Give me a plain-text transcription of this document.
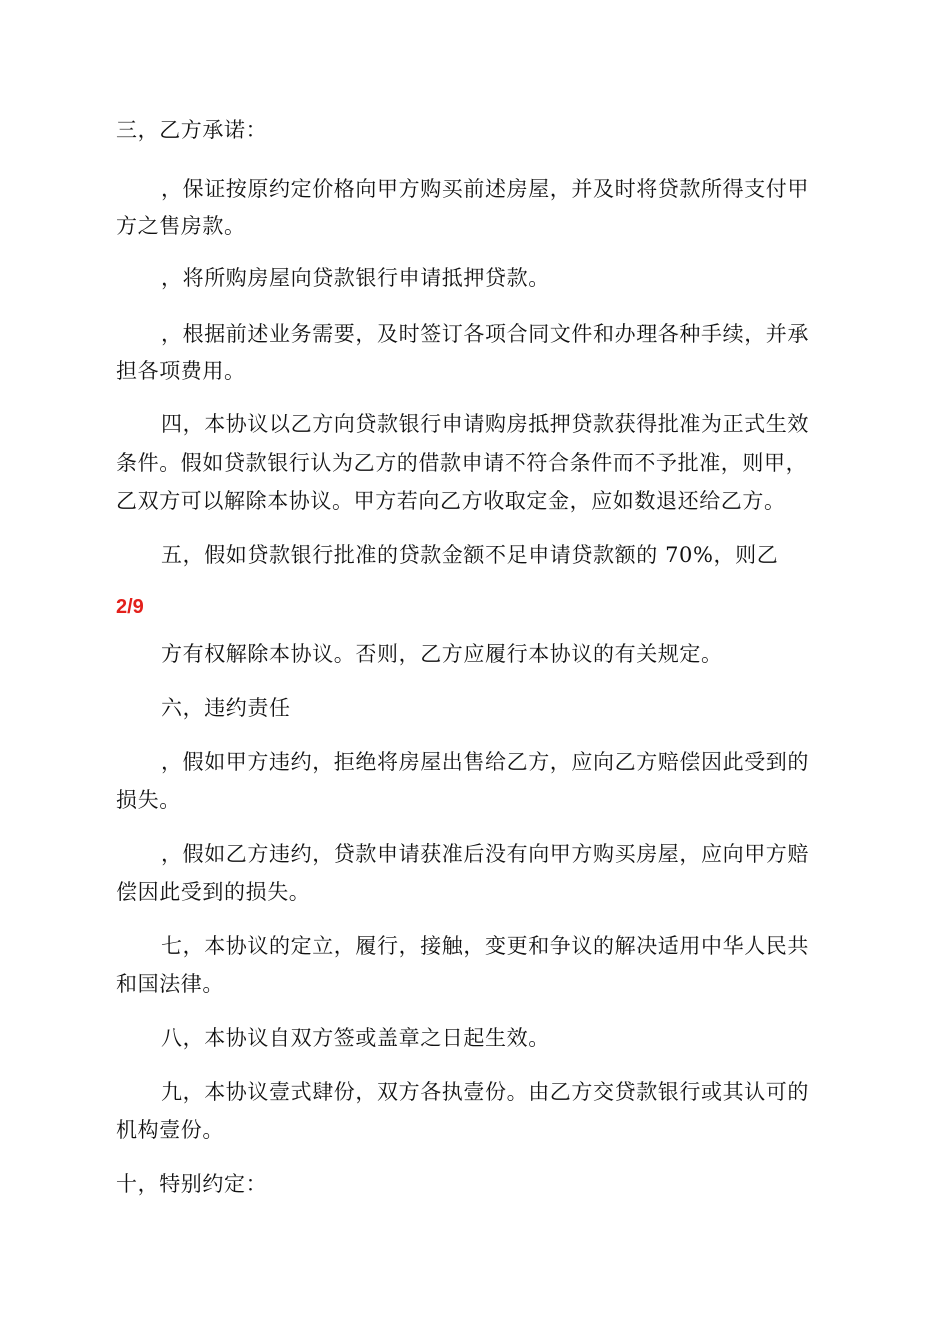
三，乙方承诺：
，保证按原约定价格向甲方购买前述房屋，并及时将贷款所得支付甲
方之售房款。
，将所购房屋向贷款银行申请抵押贷款。
，根据前述业务需要，及时签订各项合同文件和办理各种手续，并承
担各项费用。
四，本协议以乙方向贷款银行申请购房抵押贷款获得批准为正式生效
条件。假如贷款银行认为乙方的借款申请不符合条件而不予批准，则甲，
乙双方可以解除本协议。甲方若向乙方收取定金，应如数退还给乙方。
五，假如贷款银行批准的贷款金额不足申请贷款额的 70%，则乙
2/9
方有权解除本协议。否则，乙方应履行本协议的有关规定。
六，违约责任
，假如甲方违约，拒绝将房屋出售给乙方，应向乙方赔偿因此受到的
损失。
，假如乙方违约，贷款申请获准后没有向甲方购买房屋，应向甲方赔
偿因此受到的损失。
七，本协议的定立，履行，接触，变更和争议的解决适用中华人民共
和国法律。
八，本协议自双方签或盖章之日起生效。
九，本协议壹式肆份，双方各执壹份。由乙方交贷款银行或其认可的
机构壹份。
十，特别约定：
